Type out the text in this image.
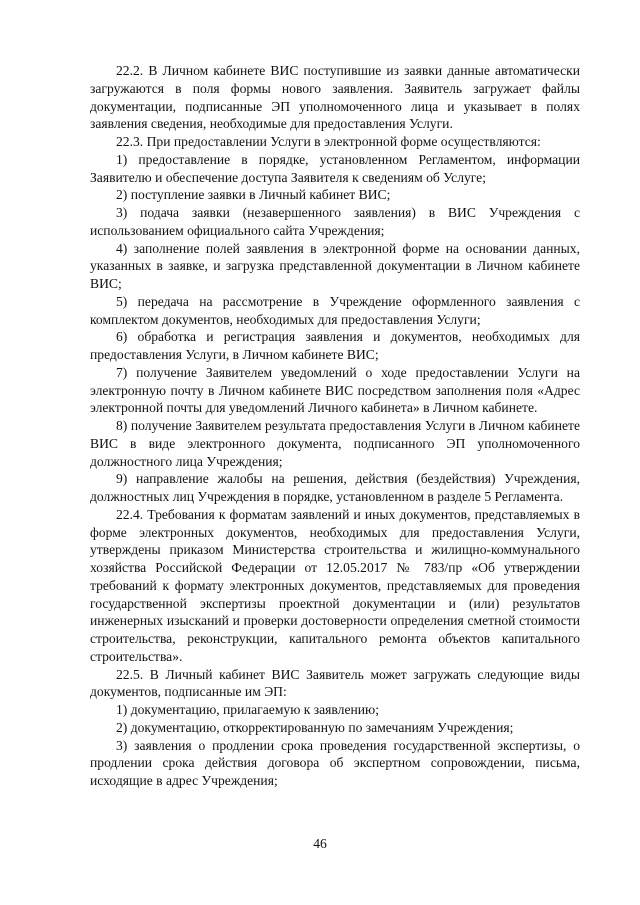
22.2. В Личном кабинете ВИС поступившие из заявки данные автоматически загружаются в поля формы нового заявления. Заявитель загружает файлы документации, подписанные ЭП уполномоченного лица и указывает в полях заявления сведения, необходимые для предоставления Услуги.

22.3. При предоставлении Услуги в электронной форме осуществляются:

1) предоставление в порядке, установленном Регламентом, информации Заявителю и обеспечение доступа Заявителя к сведениям об Услуге;

2) поступление заявки в Личный кабинет ВИС;

3) подача заявки (незавершенного заявления) в ВИС Учреждения с использованием официального сайта Учреждения;

4) заполнение полей заявления в электронной форме на основании данных, указанных в заявке, и загрузка представленной документации в Личном кабинете ВИС;

5) передача на рассмотрение в Учреждение оформленного заявления с комплектом документов, необходимых для предоставления Услуги;

6) обработка и регистрация заявления и документов, необходимых для предоставления Услуги, в Личном кабинете ВИС;

7) получение Заявителем уведомлений о ходе предоставлении Услуги на электронную почту в Личном кабинете ВИС посредством заполнения поля «Адрес электронной почты для уведомлений Личного кабинета» в Личном кабинете.

8) получение Заявителем результата предоставления Услуги в Личном кабинете ВИС в виде электронного документа, подписанного ЭП уполномоченного должностного лица Учреждения;

9) направление жалобы на решения, действия (бездействия) Учреждения, должностных лиц Учреждения в порядке, установленном в разделе 5 Регламента.

22.4. Требования к форматам заявлений и иных документов, представляемых в форме электронных документов, необходимых для предоставления Услуги, утверждены приказом Министерства строительства и жилищно-коммунального хозяйства Российской Федерации от 12.05.2017 № 783/пр «Об утверждении требований к формату электронных документов, представляемых для проведения государственной экспертизы проектной документации и (или) результатов инженерных изысканий и проверки достоверности определения сметной стоимости строительства, реконструкции, капитального ремонта объектов капитального строительства».

22.5. В Личный кабинет ВИС Заявитель может загружать следующие виды документов, подписанные им ЭП:

1) документацию, прилагаемую к заявлению;

2) документацию, откорректированную по замечаниям Учреждения;

3) заявления о продлении срока проведения государственной экспертизы, о продлении срока действия договора об экспертном сопровождении, письма, исходящие в адрес Учреждения;

46
